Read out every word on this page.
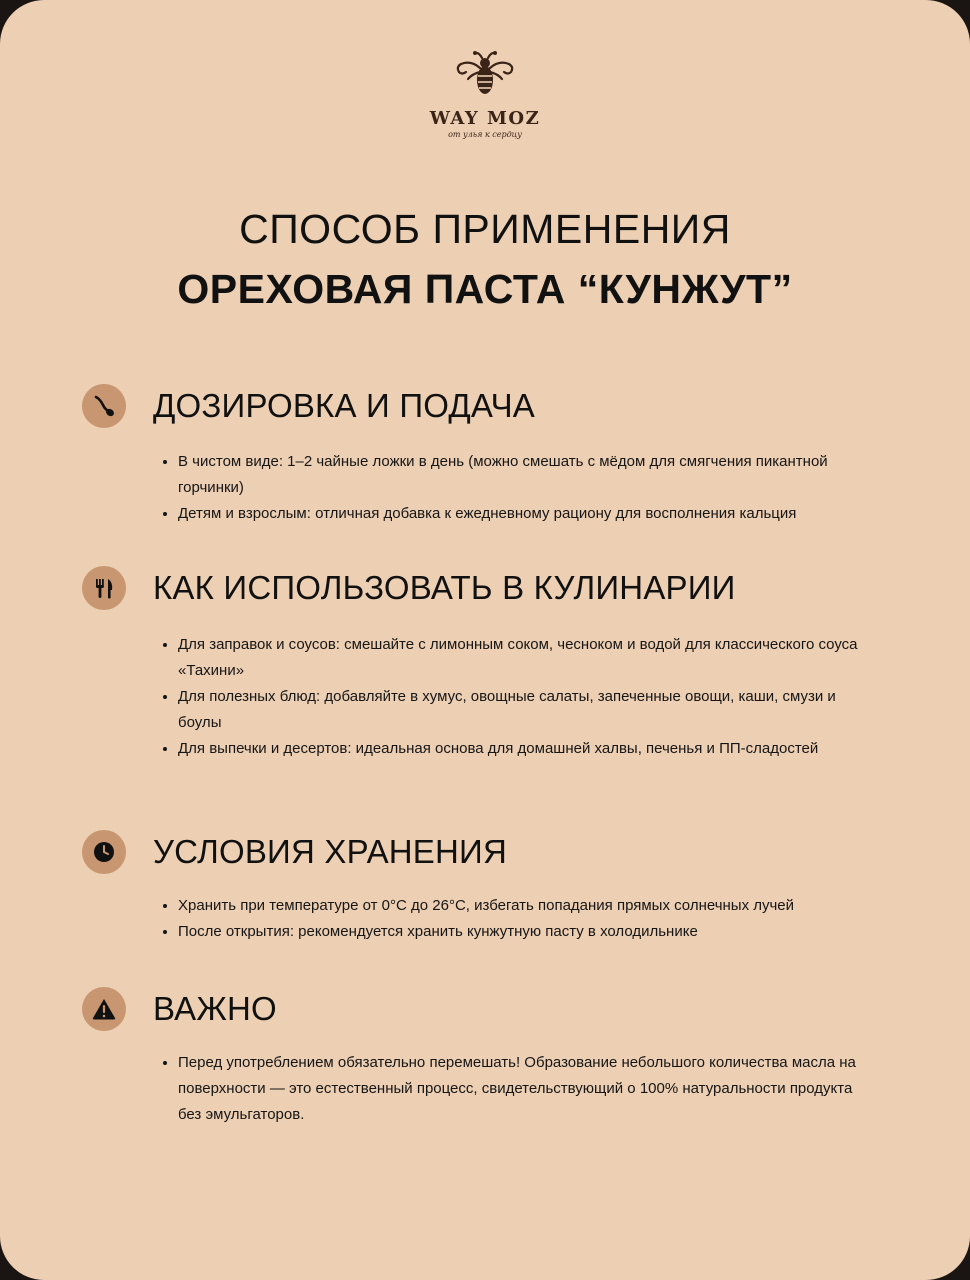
WAY MOZ
от улья к сердцу
СПОСОБ ПРИМЕНЕНИЯ
ОРЕХОВАЯ ПАСТА “КУНЖУТ”
ДОЗИРОВКА И ПОДАЧА
• В чистом виде: 1–2 чайные ложки в день (можно смешать с мёдом для смягчения пикантной горчинки)
• Детям и взрослым: отличная добавка к ежедневному рациону для восполнения кальция
КАК ИСПОЛЬЗОВАТЬ В КУЛИНАРИИ
• Для заправок и соусов: смешайте с лимонным соком, чесноком и водой для классического соуса «Тахини»
• Для полезных блюд: добавляйте в хумус, овощные салаты, запеченные овощи, каши, смузи и боулы
• Для выпечки и десертов: идеальная основа для домашней халвы, печенья и ПП-сладостей
УСЛОВИЯ ХРАНЕНИЯ
• Хранить при температуре от 0°C до 26°C, избегать попадания прямых солнечных лучей
• После открытия: рекомендуется хранить кунжутную пасту в холодильнике
ВАЖНО
• Перед употреблением обязательно перемешать! Образование небольшого количества масла на поверхности — это естественный процесс, свидетельствующий о 100% натуральности продукта без эмульгаторов.
